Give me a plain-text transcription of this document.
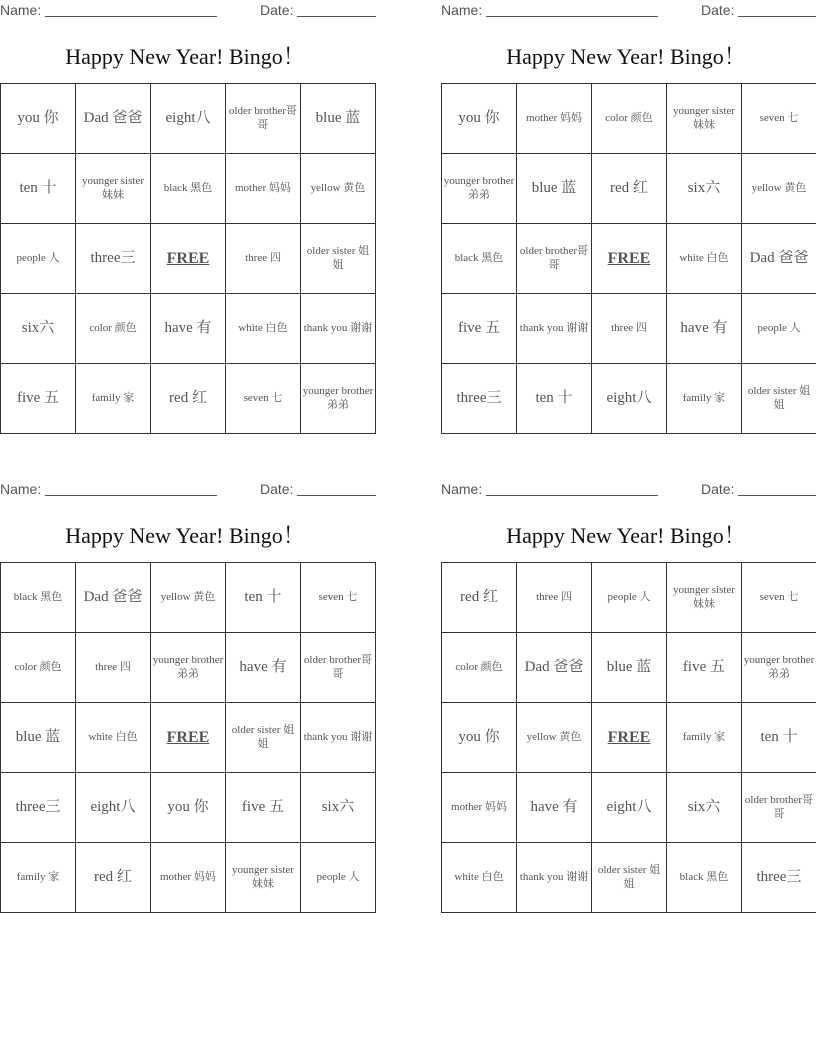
Name:	Date:
Happy New Year! Bingo！
you 你	Dad 爸爸	eight八	older brother哥哥	blue 蓝
ten 十	younger sister 妹妹	black 黑色	mother 妈妈	yellow 黄色
people 人	three三	FREE	three 四	older sister 姐姐
six六	color 颜色	have 有	white 白色	thank you 谢谢
five 五	family 家	red 红	seven 七	younger brother 弟弟
Name:	Date:
Happy New Year! Bingo！
you 你	mother 妈妈	color 颜色	younger sister 妹妹	seven 七
younger brother 弟弟	blue 蓝	red 红	six六	yellow 黄色
black 黑色	older brother哥哥	FREE	white 白色	Dad 爸爸
five 五	thank you 谢谢	three 四	have 有	people 人
three三	ten 十	eight八	family 家	older sister 姐姐
Name:	Date:
Happy New Year! Bingo！
black 黑色	Dad 爸爸	yellow 黄色	ten 十	seven 七
color 颜色	three 四	younger brother 弟弟	have 有	older brother哥哥
blue 蓝	white 白色	FREE	older sister 姐姐	thank you 谢谢
three三	eight八	you 你	five 五	six六
family 家	red 红	mother 妈妈	younger sister 妹妹	people 人
Name:	Date:
Happy New Year! Bingo！
red 红	three 四	people 人	younger sister 妹妹	seven 七
color 颜色	Dad 爸爸	blue 蓝	five 五	younger brother 弟弟
you 你	yellow 黄色	FREE	family 家	ten 十
mother 妈妈	have 有	eight八	six六	older brother哥哥
white 白色	thank you 谢谢	older sister 姐姐	black 黑色	three三
